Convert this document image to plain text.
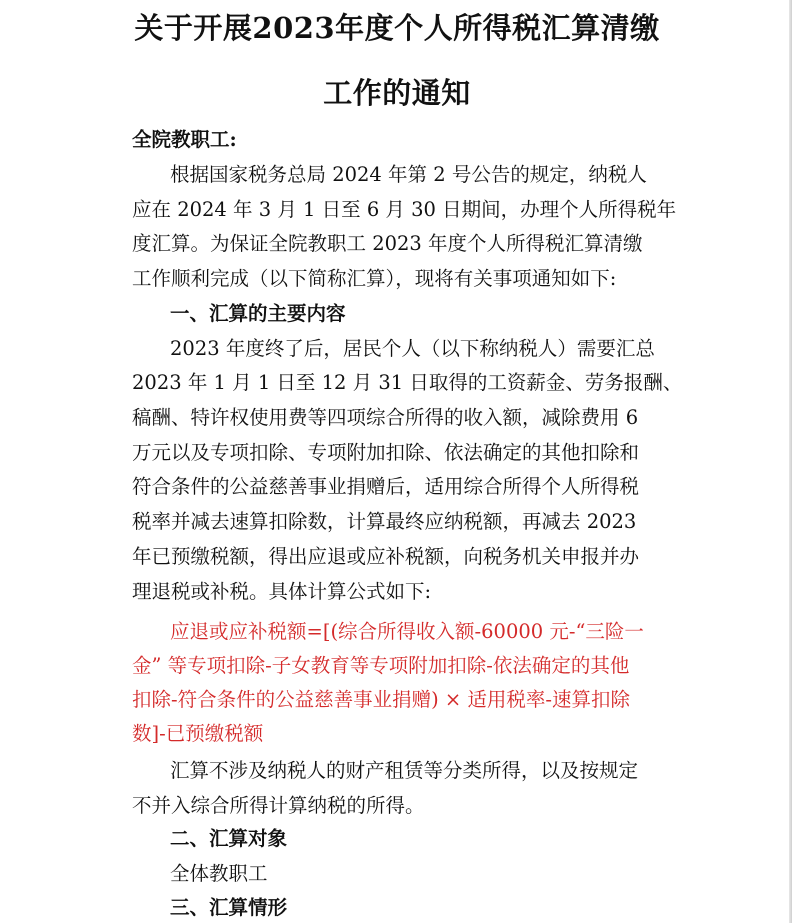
关于开展2023年度个人所得税汇算清缴
工作的通知
全院教职工:
根据国家税务总局 2024 年第 2 号公告的规定，纳税人
应在 2024 年 3 月 1 日至 6 月 30 日期间，办理个人所得税年
度汇算。为保证全院教职工 2023 年度个人所得税汇算清缴
工作顺利完成（以下简称汇算），现将有关事项通知如下:
一、汇算的主要内容
2023 年度终了后，居民个人（以下称纳税人）需要汇总
2023 年 1 月 1 日至 12 月 31 日取得的工资薪金、劳务报酬、
稿酬、特许权使用费等四项综合所得的收入额，减除费用 6
万元以及专项扣除、专项附加扣除、依法确定的其他扣除和
符合条件的公益慈善事业捐赠后，适用综合所得个人所得税
税率并减去速算扣除数，计算最终应纳税额，再减去 2023
年已预缴税额，得出应退或应补税额，向税务机关申报并办
理退税或补税。具体计算公式如下:
应退或应补税额=[(综合所得收入额-60000 元-“三险一
金” 等专项扣除-子女教育等专项附加扣除-依法确定的其他
扣除-符合条件的公益慈善事业捐赠) × 适用税率-速算扣除
数]-已预缴税额
汇算不涉及纳税人的财产租赁等分类所得，以及按规定
不并入综合所得计算纳税的所得。
二、汇算对象
全体教职工
三、汇算情形
